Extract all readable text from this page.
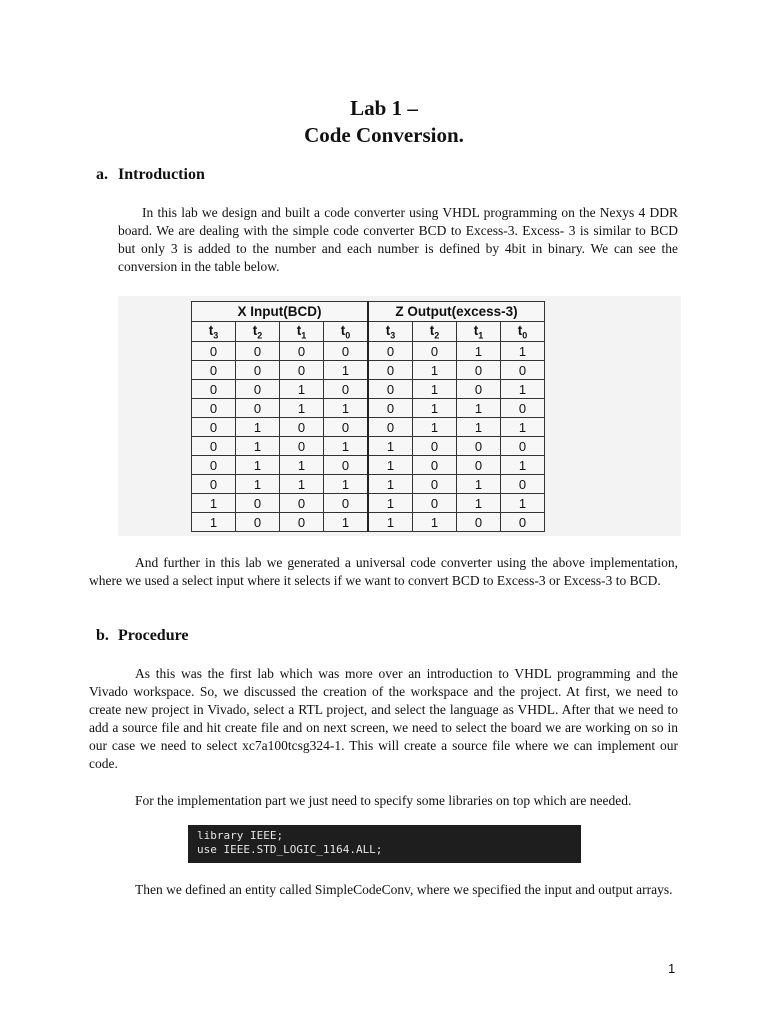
Lab 1 –
Code Conversion.
a. Introduction
In this lab we design and built a code converter using VHDL programming on the Nexys 4 DDR board. We are dealing with the simple code converter BCD to Excess-3. Excess- 3 is similar to BCD but only 3 is added to the number and each number is defined by 4bit in binary. We can see the conversion in the table below.
X Input(BCD)				Z Output(excess-3)			
$t_3$	$t_2$	$t_1$	$t_0$	$t_3$	$t_2$	$t_1$	$t_0$
0	0	0	0	0	0	1	1
0	0	0	1	0	1	0	0
0	0	1	0	0	1	0	1
0	0	1	1	0	1	1	0
0	1	0	0	0	1	1	1
0	1	0	1	1	0	0	0
0	1	1	0	1	0	0	1
0	1	1	1	1	0	1	0
1	0	0	0	1	0	1	1
1	0	0	1	1	1	0	0
And further in this lab we generated a universal code converter using the above implementation, where we used a select input where it selects if we want to convert BCD to Excess-3 or Excess-3 to BCD.
b. Procedure
As this was the first lab which was more over an introduction to VHDL programming and the Vivado workspace. So, we discussed the creation of the workspace and the project. At first, we need to create new project in Vivado, select a RTL project, and select the language as VHDL. After that we need to add a source file and hit create file and on next screen, we need to select the board we are working on so in our case we need to select xc7a100tcsg324-1. This will create a source file where we can implement our code.
For the implementation part we just need to specify some libraries on top which are needed.
library IEEE;
use IEEE.STD_LOGIC_1164.ALL;
Then we defined an entity called SimpleCodeConv, where we specified the input and output arrays.
1
